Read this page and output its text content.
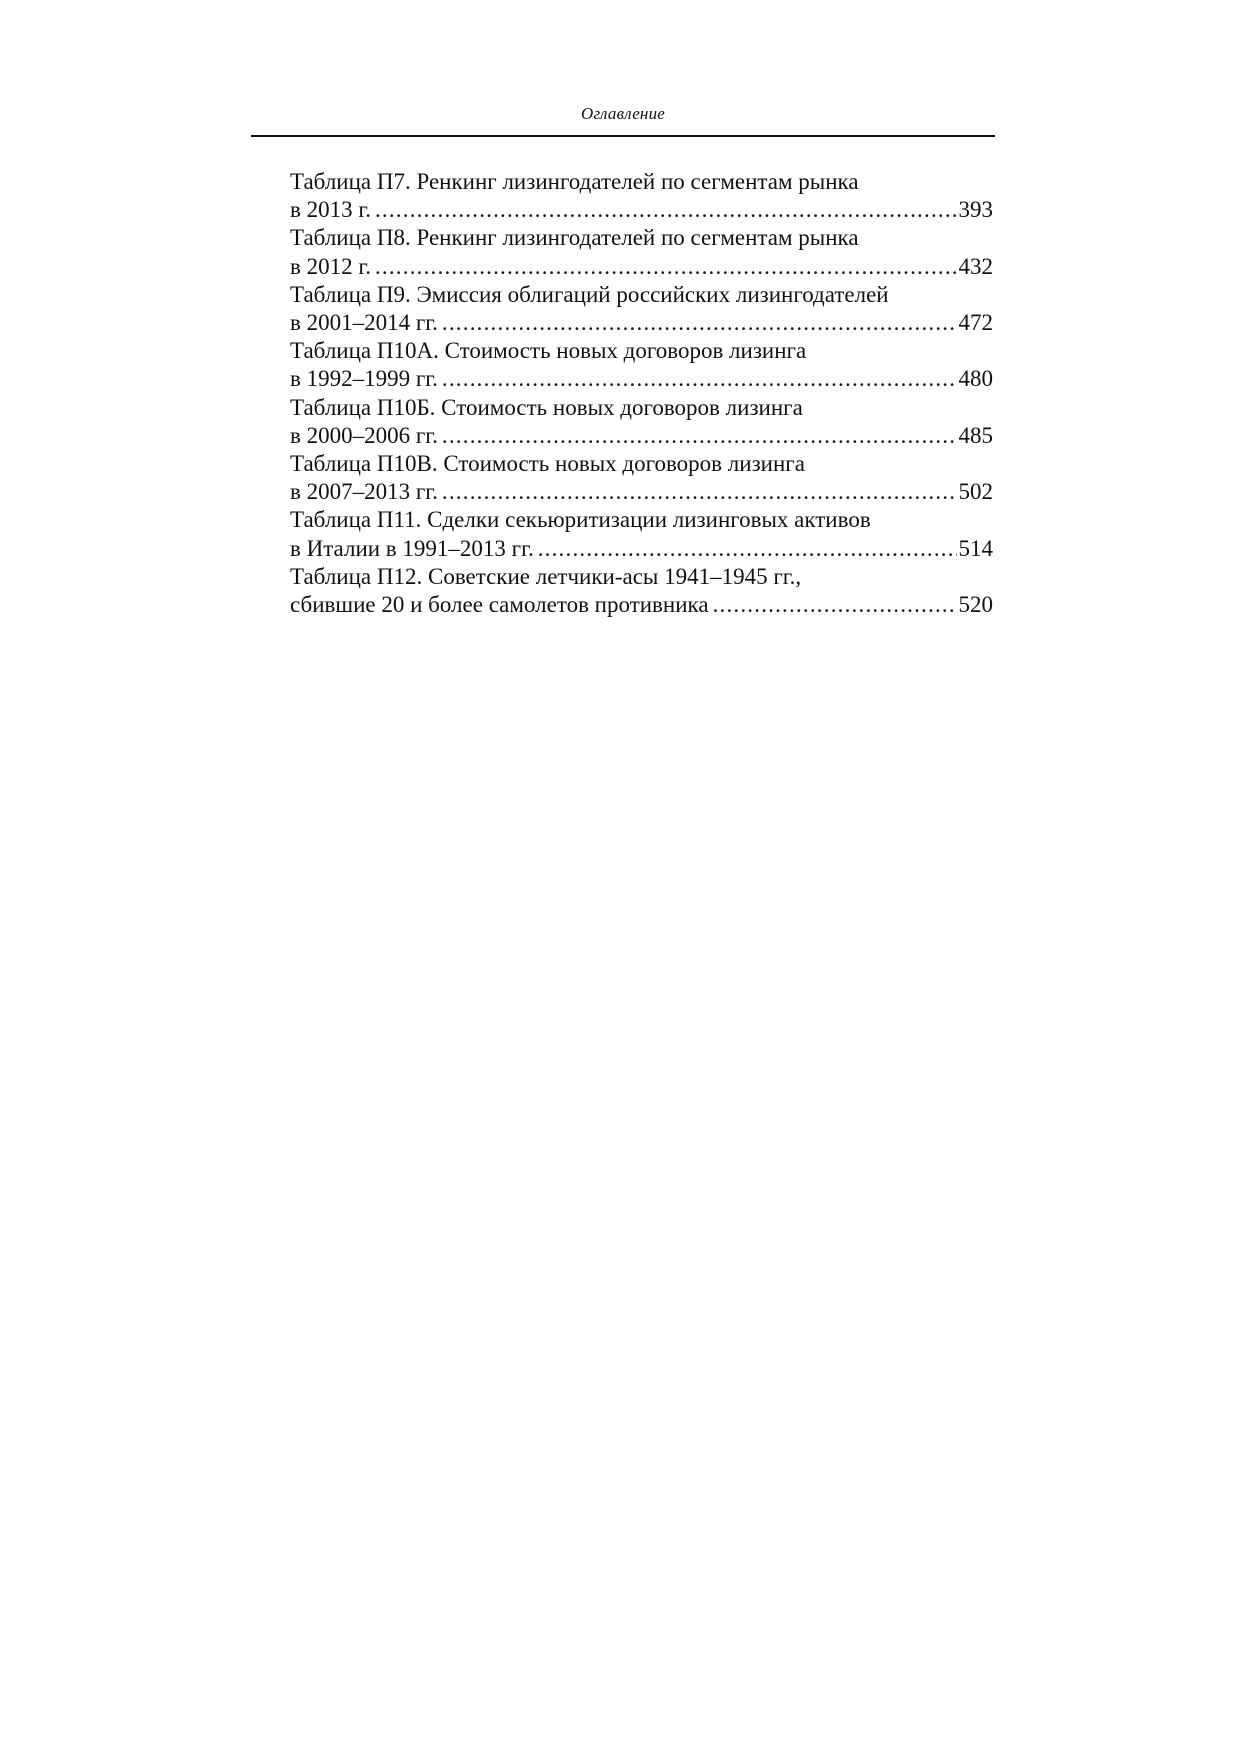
Оглавление
Таблица П7. Ренкинг лизингодателей по сегментам рынка
в 2013 г. .....	393
Таблица П8. Ренкинг лизингодателей по сегментам рынка
в 2012 г. .....	432
Таблица П9. Эмиссия облигаций российских лизингодателей
в 2001–2014 гг. .....	472
Таблица П10А. Стоимость новых договоров лизинга
в 1992–1999 гг. .....	480
Таблица П10Б. Стоимость новых договоров лизинга
в 2000–2006 гг. .....	485
Таблица П10В. Стоимость новых договоров лизинга
в 2007–2013 гг. .....	502
Таблица П11. Сделки секьюритизации лизинговых активов
в Италии в 1991–2013 гг. .....	514
Таблица П12. Советские летчики-асы 1941–1945 гг.,
сбившие 20 и более самолетов противника .....	520
